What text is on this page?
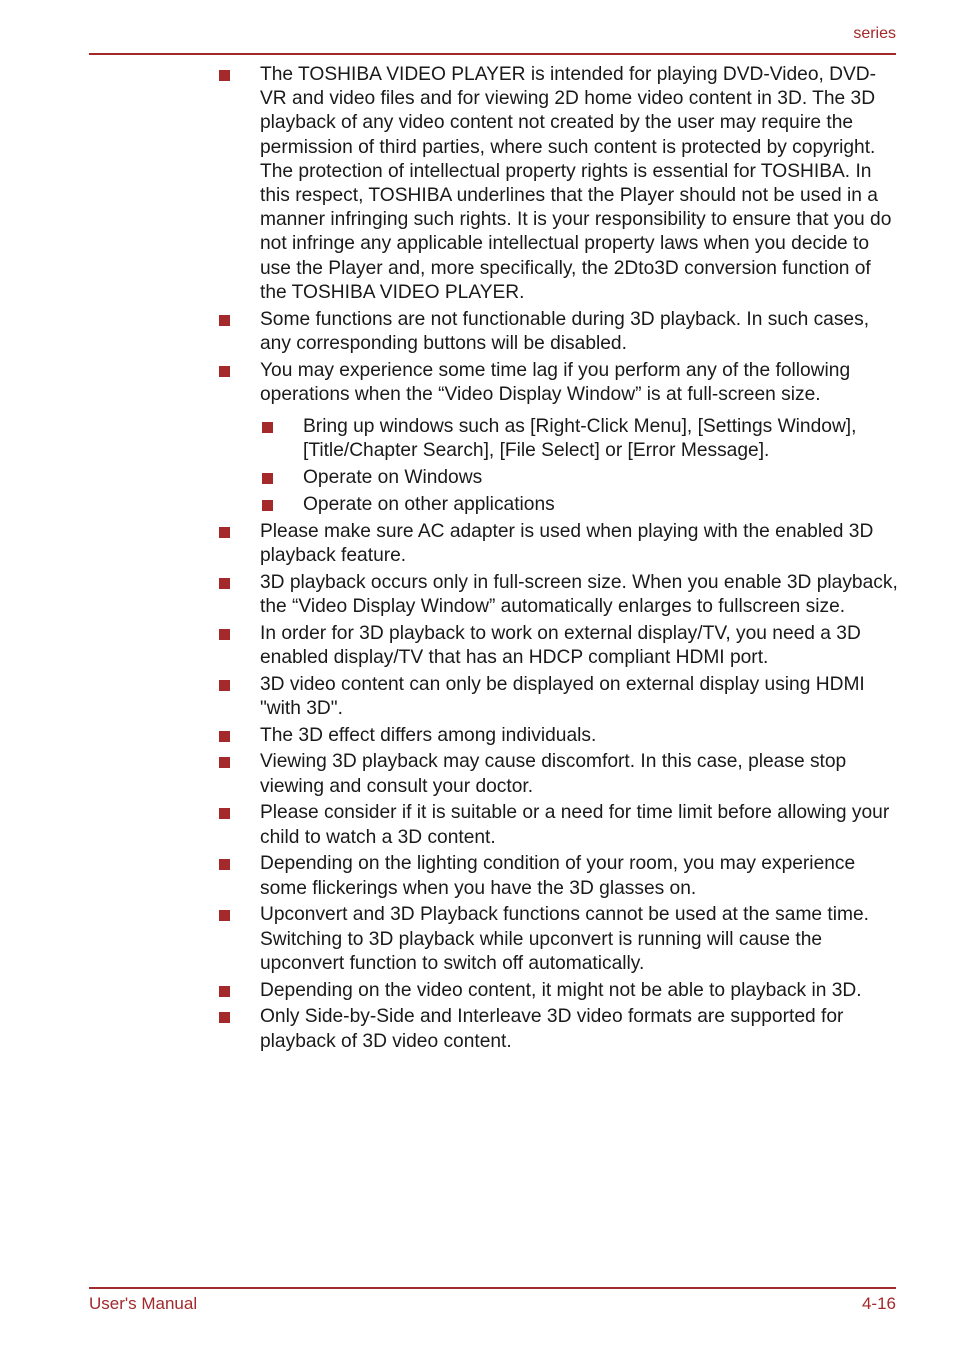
series
The TOSHIBA VIDEO PLAYER is intended for playing DVD-Video, DVD-VR and video files and for viewing 2D home video content in 3D. The 3D playback of any video content not created by the user may require the permission of third parties, where such content is protected by copyright. The protection of intellectual property rights is essential for TOSHIBA. In this respect, TOSHIBA underlines that the Player should not be used in a manner infringing such rights. It is your responsibility to ensure that you do not infringe any applicable intellectual property laws when you decide to use the Player and, more specifically, the 2Dto3D conversion function of the TOSHIBA VIDEO PLAYER.
Some functions are not functionable during 3D playback. In such cases, any corresponding buttons will be disabled.
You may experience some time lag if you perform any of the following operations when the “Video Display Window” is at full-screen size.
Bring up windows such as [Right-Click Menu], [Settings Window], [Title/Chapter Search], [File Select] or [Error Message].
Operate on Windows
Operate on other applications
Please make sure AC adapter is used when playing with the enabled 3D playback feature.
3D playback occurs only in full-screen size. When you enable 3D playback, the “Video Display Window” automatically enlarges to fullscreen size.
In order for 3D playback to work on external display/TV, you need a 3D enabled display/TV that has an HDCP compliant HDMI port.
3D video content can only be displayed on external display using HDMI "with 3D".
The 3D effect differs among individuals.
Viewing 3D playback may cause discomfort. In this case, please stop viewing and consult your doctor.
Please consider if it is suitable or a need for time limit before allowing your child to watch a 3D content.
Depending on the lighting condition of your room, you may experience some flickerings when you have the 3D glasses on.
Upconvert and 3D Playback functions cannot be used at the same time. Switching to 3D playback while upconvert is running will cause the upconvert function to switch off automatically.
Depending on the video content, it might not be able to playback in 3D.
Only Side-by-Side and Interleave 3D video formats are supported for playback of 3D video content.
User's Manual	4-16
